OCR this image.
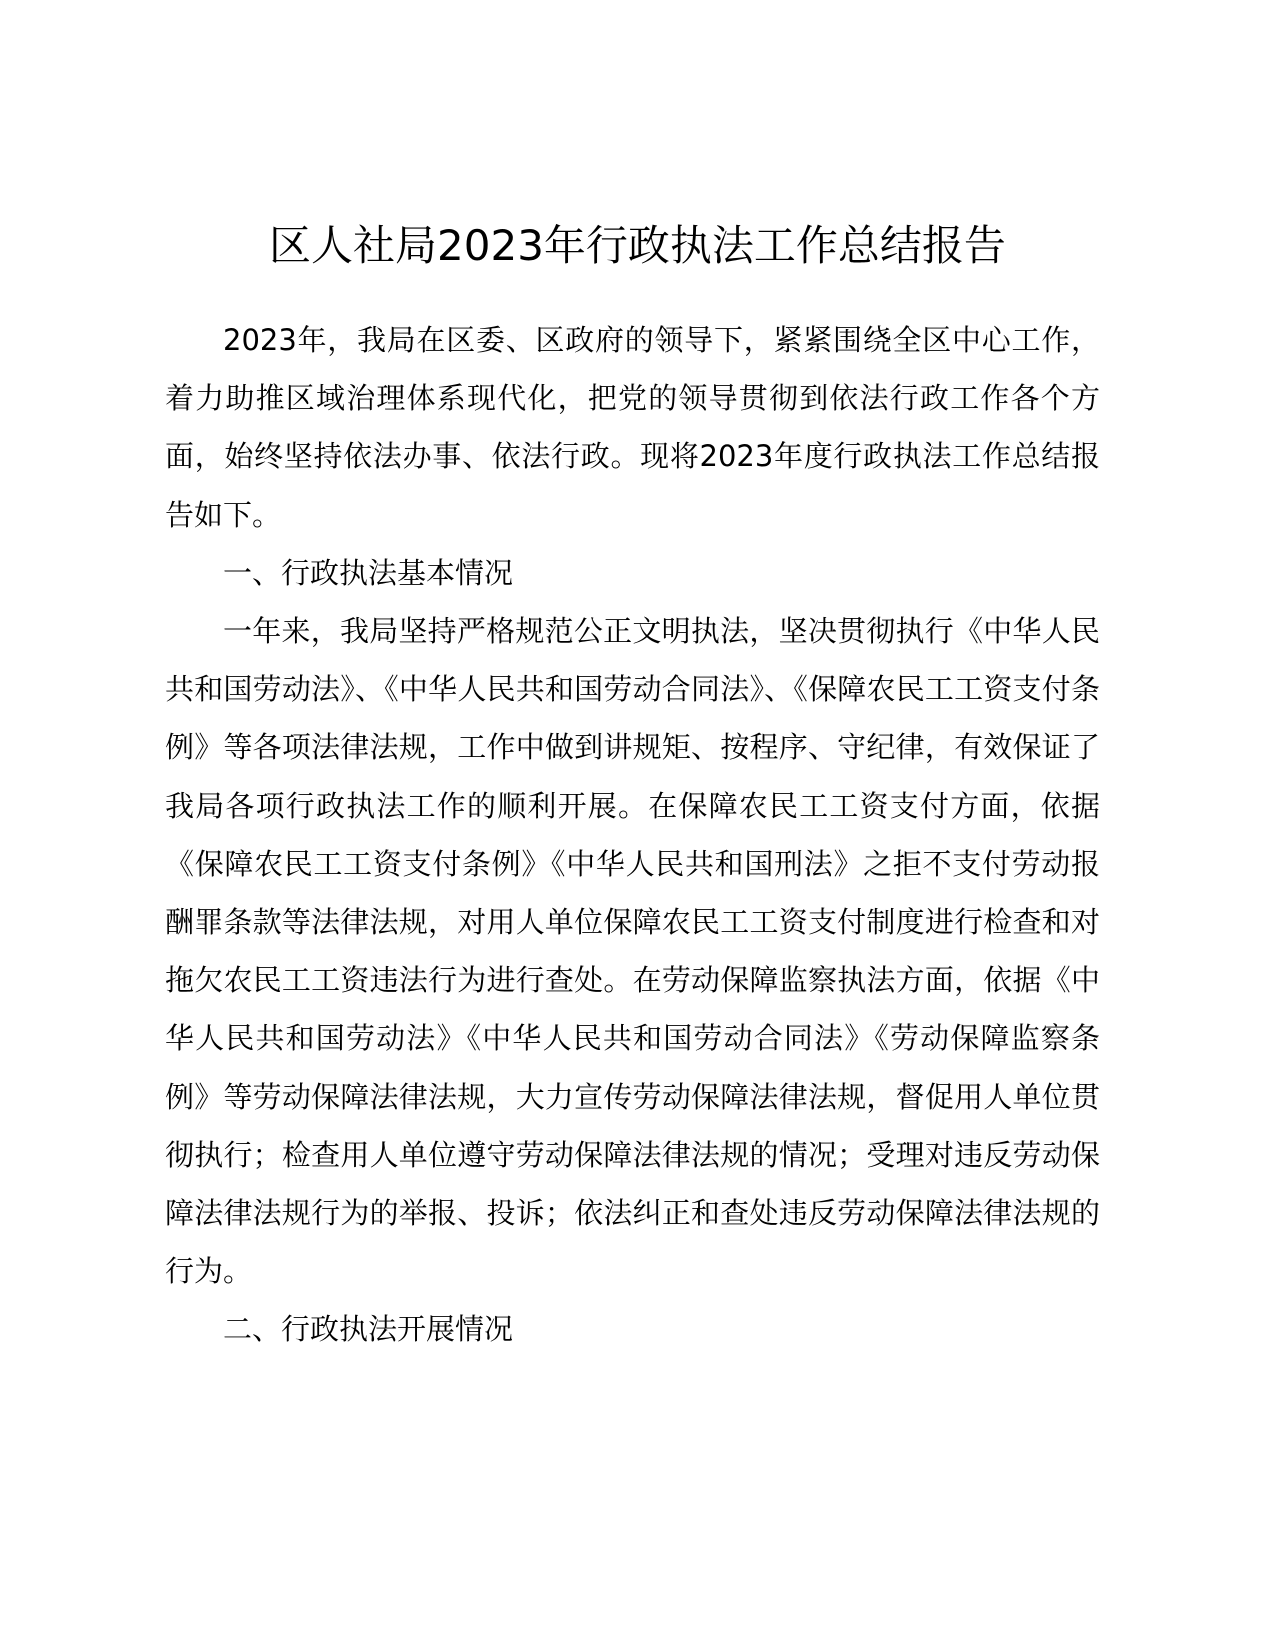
区人社局2023年行政执法工作总结报告

2023年，我局在区委、区政府的领导下，紧紧围绕全区中心工作，着力助推区域治理体系现代化，把党的领导贯彻到依法行政工作各个方面，始终坚持依法办事、依法行政。现将2023年度行政执法工作总结报告如下。

一、行政执法基本情况

一年来，我局坚持严格规范公正文明执法，坚决贯彻执行《中华人民共和国劳动法》、《中华人民共和国劳动合同法》、《保障农民工工资支付条例》等各项法律法规，工作中做到讲规矩、按程序、守纪律，有效保证了我局各项行政执法工作的顺利开展。在保障农民工工资支付方面，依据《保障农民工工资支付条例》《中华人民共和国刑法》之拒不支付劳动报酬罪条款等法律法规，对用人单位保障农民工工资支付制度进行检查和对拖欠农民工工资违法行为进行查处。在劳动保障监察执法方面，依据《中华人民共和国劳动法》《中华人民共和国劳动合同法》《劳动保障监察条例》等劳动保障法律法规，大力宣传劳动保障法律法规，督促用人单位贯彻执行；检查用人单位遵守劳动保障法律法规的情况；受理对违反劳动保障法律法规行为的举报、投诉；依法纠正和查处违反劳动保障法律法规的行为。

二、行政执法开展情况
